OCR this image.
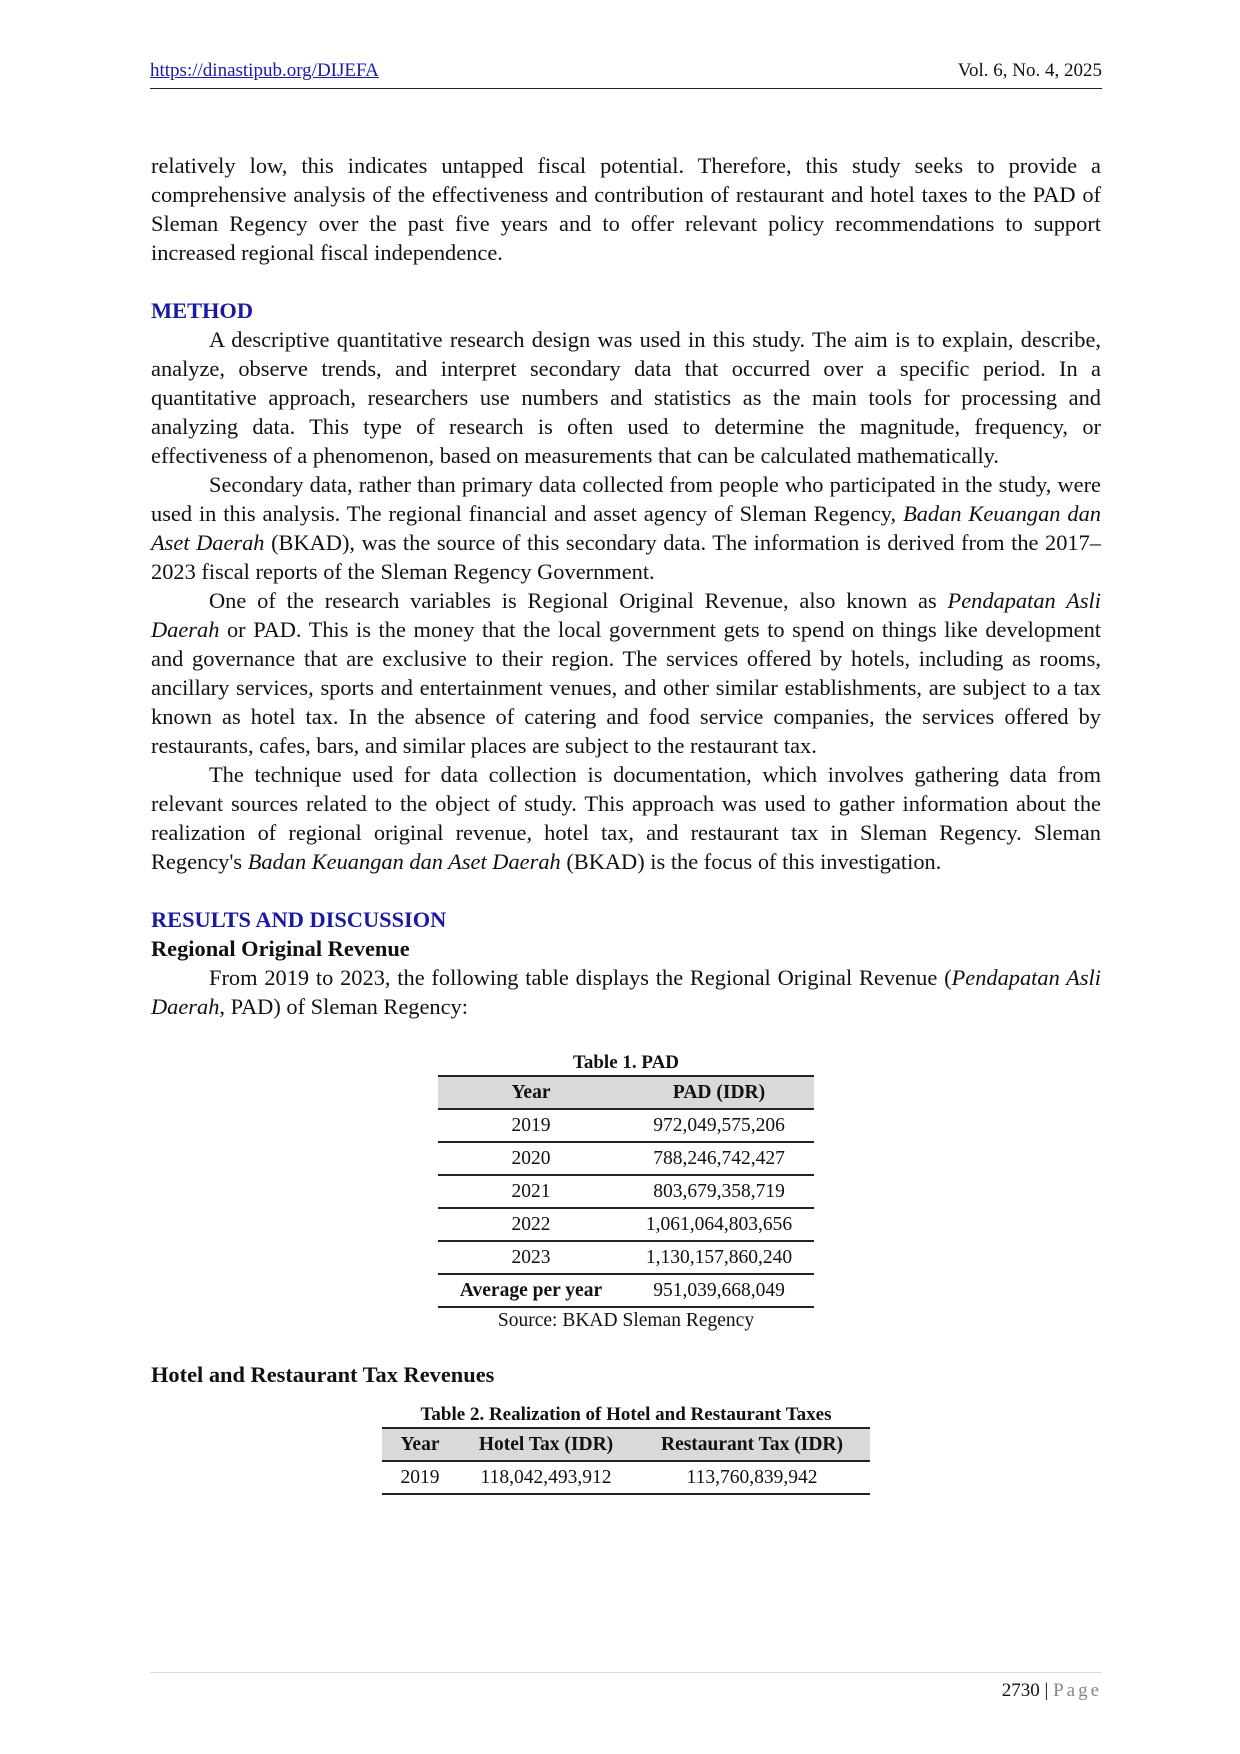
https://dinastipub.org/DIJEFA	Vol. 6, No. 4, 2025

relatively low, this indicates untapped fiscal potential. Therefore, this study seeks to provide a comprehensive analysis of the effectiveness and contribution of restaurant and hotel taxes to the PAD of Sleman Regency over the past five years and to offer relevant policy recommendations to support increased regional fiscal independence.

METHOD

A descriptive quantitative research design was used in this study. The aim is to explain, describe, analyze, observe trends, and interpret secondary data that occurred over a specific period. In a quantitative approach, researchers use numbers and statistics as the main tools for processing and analyzing data. This type of research is often used to determine the magnitude, frequency, or effectiveness of a phenomenon, based on measurements that can be calculated mathematically.

Secondary data, rather than primary data collected from people who participated in the study, were used in this analysis. The regional financial and asset agency of Sleman Regency, Badan Keuangan dan Aset Daerah (BKAD), was the source of this secondary data. The information is derived from the 2017–2023 fiscal reports of the Sleman Regency Government.

One of the research variables is Regional Original Revenue, also known as Pendapatan Asli Daerah or PAD. This is the money that the local government gets to spend on things like development and governance that are exclusive to their region. The services offered by hotels, including as rooms, ancillary services, sports and entertainment venues, and other similar establishments, are subject to a tax known as hotel tax. In the absence of catering and food service companies, the services offered by restaurants, cafes, bars, and similar places are subject to the restaurant tax.

The technique used for data collection is documentation, which involves gathering data from relevant sources related to the object of study. This approach was used to gather information about the realization of regional original revenue, hotel tax, and restaurant tax in Sleman Regency. Sleman Regency's Badan Keuangan dan Aset Daerah (BKAD) is the focus of this investigation.

RESULTS AND DISCUSSION
Regional Original Revenue

From 2019 to 2023, the following table displays the Regional Original Revenue (Pendapatan Asli Daerah, PAD) of Sleman Regency:

Table 1. PAD
Year	PAD (IDR)
2019	972,049,575,206
2020	788,246,742,427
2021	803,679,358,719
2022	1,061,064,803,656
2023	1,130,157,860,240
Average per year	951,039,668,049
Source: BKAD Sleman Regency
Hotel and Restaurant Tax Revenues
Table 2. Realization of Hotel and Restaurant Taxes
Year	Hotel Tax (IDR)	Restaurant Tax (IDR)
2019	118,042,493,912	113,760,839,942
2730 | Page
